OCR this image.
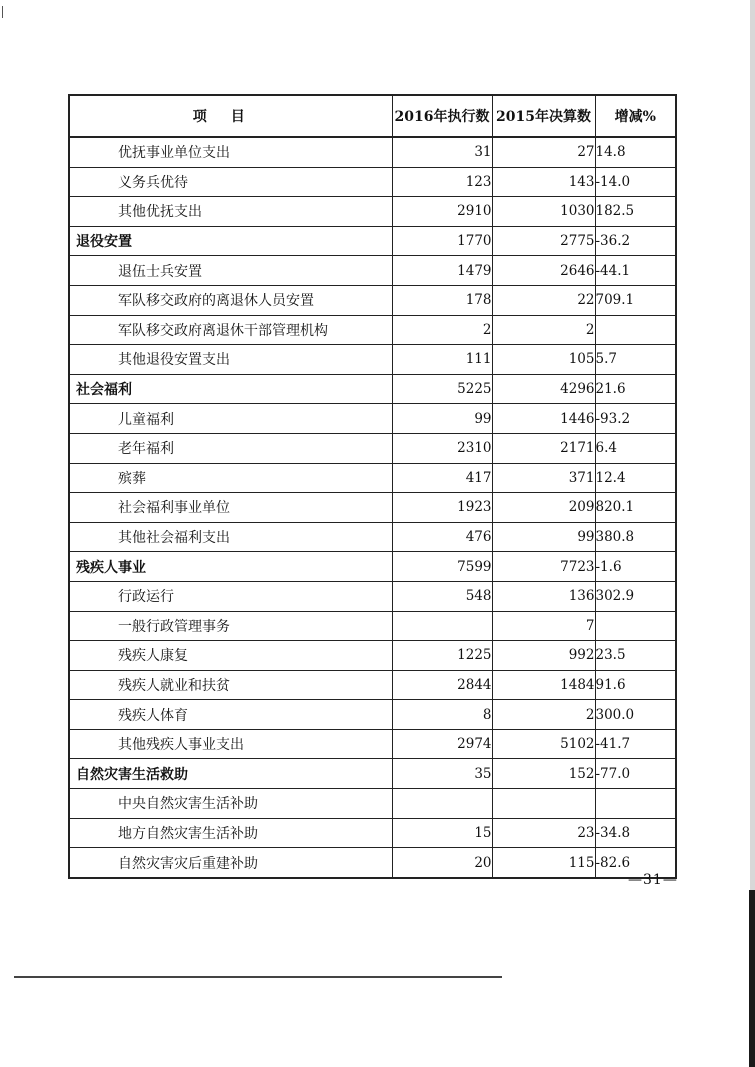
项目	2016年执行数	2015年决算数	增减%
优抚事业单位支出	31	27	14.8
义务兵优待	123	143	-14.0
其他优抚支出	2910	1030	182.5
退役安置	1770	2775	-36.2
退伍士兵安置	1479	2646	-44.1
军队移交政府的离退休人员安置	178	22	709.1
军队移交政府离退休干部管理机构	2	2	
其他退役安置支出	111	105	5.7
社会福利	5225	4296	21.6
儿童福利	99	1446	-93.2
老年福利	2310	2171	6.4
殡葬	417	371	12.4
社会福利事业单位	1923	209	820.1
其他社会福利支出	476	99	380.8
残疾人事业	7599	7723	-1.6
行政运行	548	136	302.9
一般行政管理事务		7	
残疾人康复	1225	992	23.5
残疾人就业和扶贫	2844	1484	91.6
残疾人体育	8	2	300.0
其他残疾人事业支出	2974	5102	-41.7
自然灾害生活救助	35	152	-77.0
中央自然灾害生活补助			
地方自然灾害生活补助	15	23	-34.8
自然灾害灾后重建补助	20	115	-82.6
—31—
